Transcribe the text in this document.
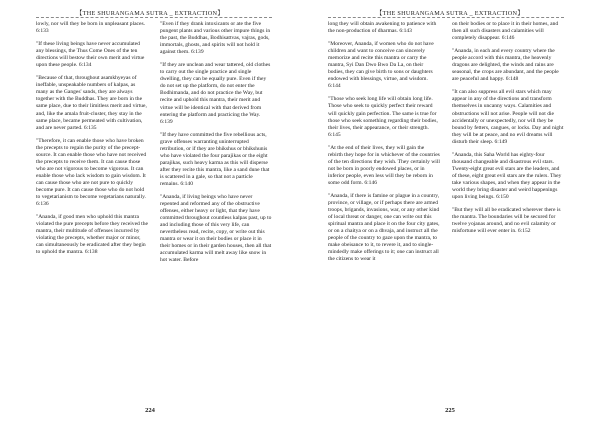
【THE SHURANGAMA SUTRA _ EXTRACTION】

lowly, nor will they be born in unpleasant places. 6:133

"If these living beings have never accumulated any blessings, the Thus Come Ones of the ten directions will bestow their own merit and virtue upon these people. 6:134

"Because of that, throughout asamkhyeyas of ineffable, unspeakable numbers of kalpas, as many as the Ganges' sands, they are always together with the Buddhas. They are born in the same place, due to their limitless merit and virtue, and, like the amala fruit-cluster, they stay in the same place, became permeated with cultivation, and are never parted. 6:135

"Therefore, it can enable those who have broken the precepts to regain the purity of the precept-source. It can enable those who have not received the precepts to receive them. It can cause those who are not vigorous to become vigorous. It can enable those who lack wisdom to gain wisdom. It can cause those who are not pure to quickly become pure. It can cause those who do not hold to vegetarianism to become vegetarians naturally. 6:136

"Ananda, if good men who uphold this mantra violated the pure precepts before they received the mantra, their multitude of offenses incurred by violating the precepts, whether major or minor, can simultaneously be eradicated after they begin to uphold the mantra. 6:138

"Even if they drank intoxicants or ate the five pungent plants and various other impure things in the past, the Buddhas, Bodhisattvas, vajras, gods, immortals, ghosts, and spirits will not hold it against them. 6:139

"If they are unclean and wear tattered, old clothes to carry out the single practice and single dwelling, they can be equally pure. Even if they do not set up the platform, do not enter the Bodhimanda, and do not practice the Way, but recite and uphold this mantra, their merit and virtue will be identical with that derived from entering the platform and practicing the Way. 6:139

"If they have committed the five rebellious acts, grave offenses warranting uninterrupted retribution, or if they are bhikshus or bhikshunis who have violated the four parajikas or the eight parajikas, such heavy karma as this will disperse after they recite this mantra, like a sand dune that is scattered in a gale, so that not a particle remains. 6:140

"Ananda, if living beings who have never repented and reformed any of the obstructive offenses, either heavy or light, that they have committed throughout countless kalpas past, up to and including those of this very life, can nevertheless read, recite, copy, or write out this mantra or wear it on their bodies or place it in their homes or in their garden houses, then all that accumulated karma will melt away like snow in hot water. Before

224
【THE SHURANGAMA SUTRA _ EXTRACTION】

long they will obtain awakening to patience with the non-production of dharmas. 6:143

"Moreover, Ananda, if women who do not have children and want to conceive can sincerely memorize and recite this mantra or carry the mantra, Syi Dan Dwo Bwo Da La, on their bodies, they can give birth to sons or daughters endowed with blessings, virtue, and wisdom. 6:144

"Those who seek long life will obtain long life. Those who seek to quickly perfect their reward will quickly gain perfection. The same is true for those who seek something regarding their bodies, their lives, their appearance, or their strength. 6:145

"At the end of their lives, they will gain the rebirth they hope for in whichever of the countries of the ten directions they wish. They certainly will not be born in poorly endowed places, or in inferior people, even less will they be reborn in some odd form. 6:146

"Ananda, if there is famine or plague in a country, province, or village, or if perhaps there are armed troops, brigands, invasions, war, or any other kind of local threat or danger, one can write out this spiritual mantra and place it on the four city gates, or on a chaitya or on a dhvaja, and instruct all the people of the country to gaze upon the mantra, to make obeisance to it, to revere it, and to single-mindedly make offerings to it; one can instruct all the citizens to wear it

on their bodies or to place it in their homes, and then all such disasters and calamities will completely disappear. 6:146

"Ananda, in each and every country where the people accord with this mantra, the heavenly dragons are delighted, the winds and rains are seasonal, the crops are abundant, and the people are peaceful and happy. 6:148

"It can also suppress all evil stars which may appear in any of the directions and transform themselves in uncanny ways. Calamities and obstructions will not arise. People will not die accidentally or unexpectedly, nor will they be bound by fetters, cangues, or locks. Day and night they will be at peace, and no evil dreams will disturb their sleep. 6:149

"Ananda, this Saha World has eighty-four thousand changeable and disastrous evil stars. Twenty-eight great evil stars are the leaders, and of these, eight great evil stars are the rulers. They take various shapes, and when they appear in the world they bring disaster and weird happenings upon living beings. 6:150

"But they will all be eradicated wherever there is the mantra. The boundaries will be secured for twelve yojanas around, and no evil calamity or misfortune will ever enter in. 6:152

225
